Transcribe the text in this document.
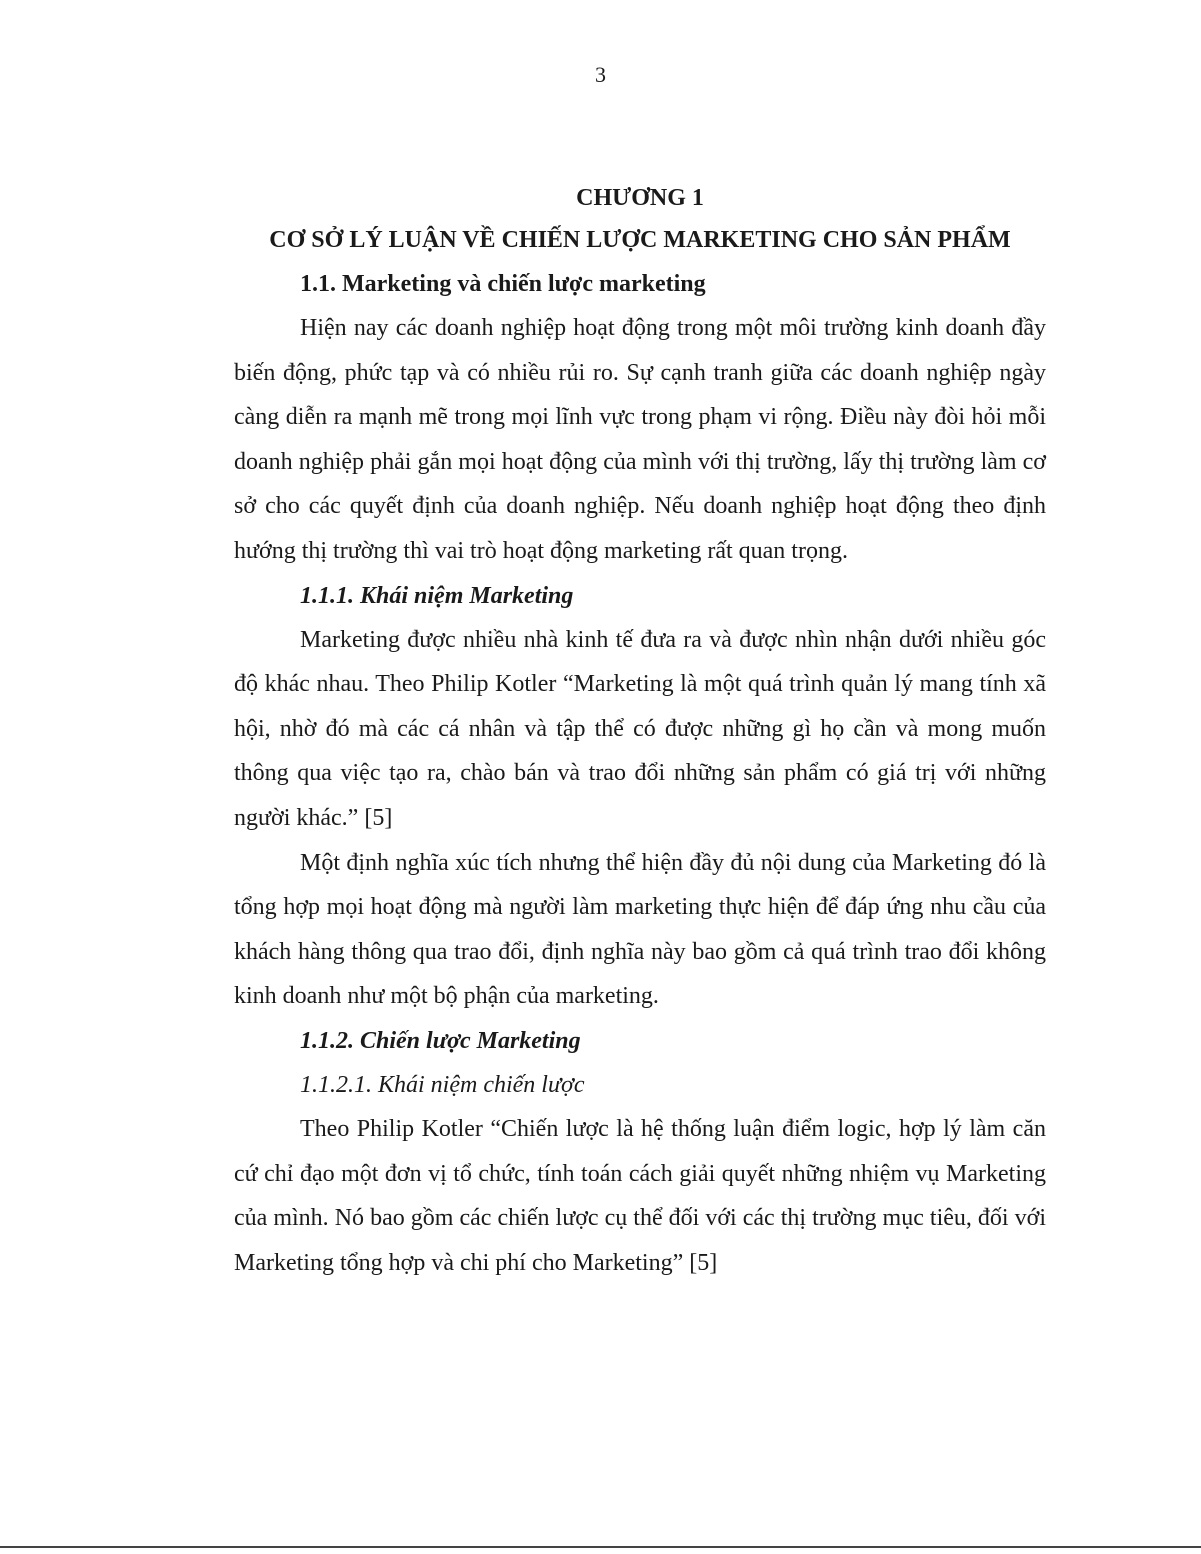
3

CHƯƠNG 1

CƠ SỞ LÝ LUẬN VỀ CHIẾN LƯỢC MARKETING CHO SẢN PHẨM

1.1. Marketing và chiến lược marketing

Hiện nay các doanh nghiệp hoạt động trong một môi trường kinh doanh đầy biến động, phức tạp và có nhiều rủi ro. Sự cạnh tranh giữa các doanh nghiệp ngày càng diễn ra mạnh mẽ trong mọi lĩnh vực trong phạm vi rộng. Điều này đòi hỏi mỗi doanh nghiệp phải gắn mọi hoạt động của mình với thị trường, lấy thị trường làm cơ sở cho các quyết định của doanh nghiệp. Nếu doanh nghiệp hoạt động theo định hướng thị trường thì vai trò hoạt động marketing rất quan trọng.

1.1.1. Khái niệm Marketing

Marketing được nhiều nhà kinh tế đưa ra và được nhìn nhận dưới nhiều góc độ khác nhau. Theo Philip Kotler “Marketing là một quá trình quản lý mang tính xã hội, nhờ đó mà các cá nhân và tập thể có được những gì họ cần và mong muốn thông qua việc tạo ra, chào bán và trao đổi những sản phẩm có giá trị với những người khác.” [5]

Một định nghĩa xúc tích nhưng thể hiện đầy đủ nội dung của Marketing đó là tổng hợp mọi hoạt động mà người làm marketing thực hiện để đáp ứng nhu cầu của khách hàng thông qua trao đổi, định nghĩa này bao gồm cả quá trình trao đổi không kinh doanh như một bộ phận của marketing.

1.1.2. Chiến lược Marketing

1.1.2.1. Khái niệm chiến lược

Theo Philip Kotler “Chiến lược là hệ thống luận điểm logic, hợp lý làm căn cứ chỉ đạo một đơn vị tổ chức, tính toán cách giải quyết những nhiệm vụ Marketing của mình. Nó bao gồm các chiến lược cụ thể đối với các thị trường mục tiêu, đối với Marketing tổng hợp và chi phí cho Marketing” [5]
